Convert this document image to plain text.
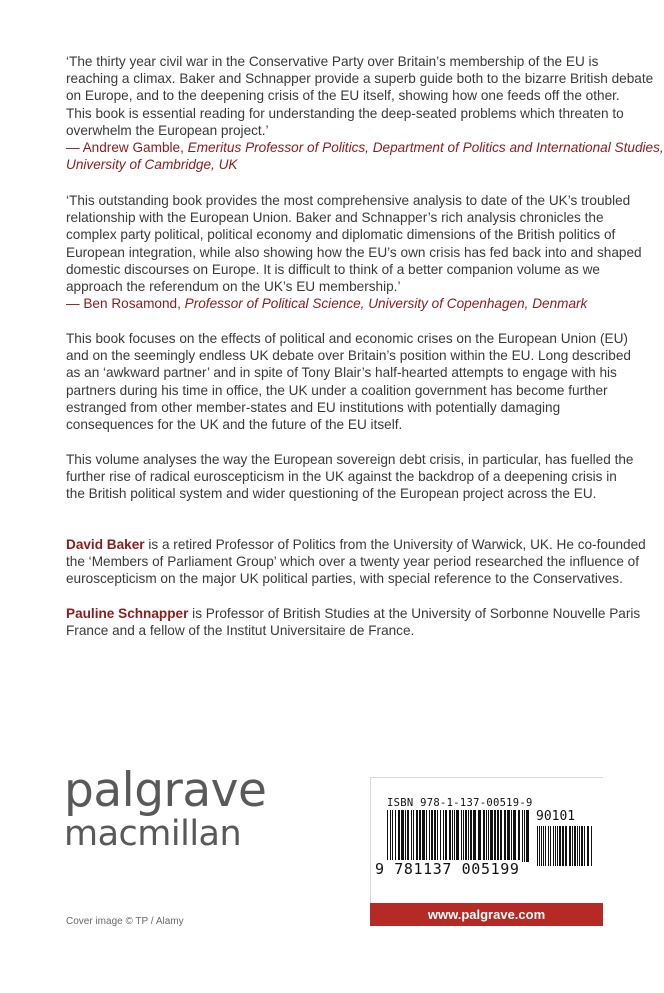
‘The thirty year civil war in the Conservative Party over Britain’s membership of the EU is
reaching a climax. Baker and Schnapper provide a superb guide both to the bizarre British debate
on Europe, and to the deepening crisis of the EU itself, showing how one feeds off the other.
This book is essential reading for understanding the deep-seated problems which threaten to
overwhelm the European project.’
— Andrew Gamble, Emeritus Professor of Politics, Department of Politics and International Studies,
University of Cambridge, UK
‘This outstanding book provides the most comprehensive analysis to date of the UK’s troubled
relationship with the European Union. Baker and Schnapper’s rich analysis chronicles the
complex party political, political economy and diplomatic dimensions of the British politics of
European integration, while also showing how the EU’s own crisis has fed back into and shaped
domestic discourses on Europe. It is difficult to think of a better companion volume as we
approach the referendum on the UK’s EU membership.’
— Ben Rosamond, Professor of Political Science, University of Copenhagen, Denmark
This book focuses on the effects of political and economic crises on the European Union (EU)
and on the seemingly endless UK debate over Britain’s position within the EU. Long described
as an ‘awkward partner’ and in spite of Tony Blair’s half-hearted attempts to engage with his
partners during his time in office, the UK under a coalition government has become further
estranged from other member-states and EU institutions with potentially damaging
consequences for the UK and the future of the EU itself.
This volume analyses the way the European sovereign debt crisis, in particular, has fuelled the
further rise of radical euroscepticism in the UK against the backdrop of a deepening crisis in
the British political system and wider questioning of the European project across the EU.
David Baker is a retired Professor of Politics from the University of Warwick, UK. He co-founded
the ‘Members of Parliament Group’ which over a twenty year period researched the influence of
euroscepticism on the major UK political parties, with special reference to the Conservatives.
Pauline Schnapper is Professor of British Studies at the University of Sorbonne Nouvelle Paris
France and a fellow of the Institut Universitaire de France.
palgrave
macmillan
ISBN 978-1-137-00519-9
90101
9 781137 005199
www.palgrave.com
Cover image © TP / Alamy
